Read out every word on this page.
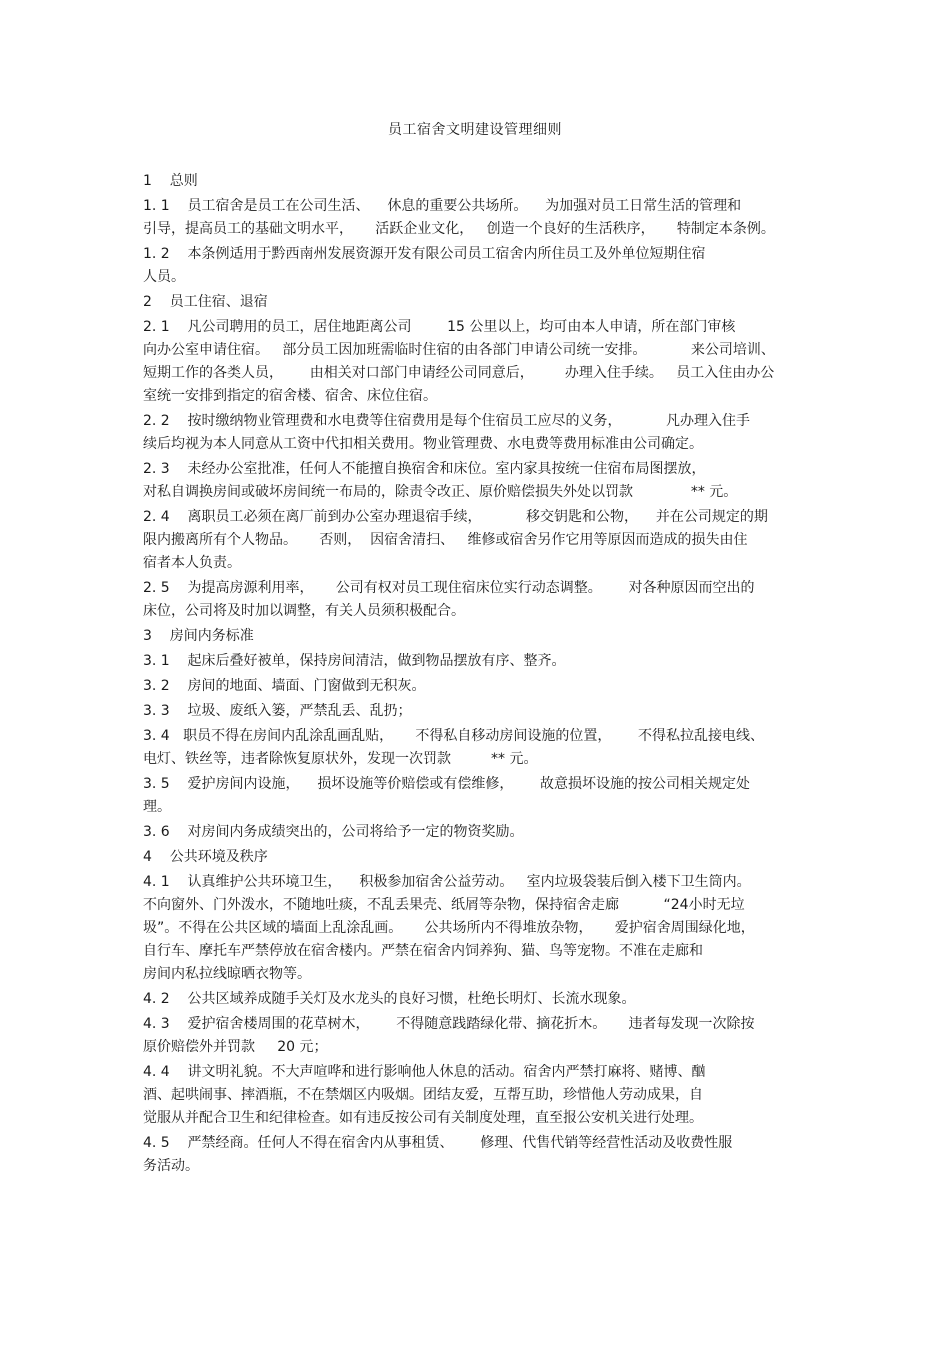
员工宿舍文明建设管理细则
1    总则
1. 1    员工宿舍是员工在公司生活、    休息的重要公共场所。    为加强对员工日常生活的管理和
引导，提高员工的基础文明水平，     活跃企业文化，   创造一个良好的生活秩序，     特制定本条例。
1. 2    本条例适用于黔西南州发展资源开发有限公司员工宿舍内所住员工及外单位短期住宿
人员。
2    员工住宿、退宿
2. 1    凡公司聘用的员工，居住地距离公司        15 公里以上，均可由本人申请，所在部门审核
向办公室申请住宿。   部分员工因加班需临时住宿的由各部门申请公司统一安排。          来公司培训、
短期工作的各类人员，      由相关对口部门申请经公司同意后，       办理入住手续。   员工入住由办公
室统一安排到指定的宿舍楼、宿舍、床位住宿。
2. 2    按时缴纳物业管理费和水电费等住宿费用是每个住宿员工应尽的义务，          凡办理入住手
续后均视为本人同意从工资中代扣相关费用。物业管理费、水电费等费用标准由公司确定。
2. 3    未经办公室批准，任何人不能擅自换宿舍和床位。室内家具按统一住宿布局图摆放，
对私自调换房间或破坏房间统一布局的，除责令改正、原价赔偿损失外处以罚款             ** 元。
2. 4    离职员工必须在离厂前到办公室办理退宿手续，          移交钥匙和公物，    并在公司规定的期
限内搬离所有个人物品。     否则，  因宿舍清扫、   维修或宿舍另作它用等原因而造成的损失由住
宿者本人负责。
2. 5    为提高房源利用率，     公司有权对员工现住宿床位实行动态调整。      对各种原因而空出的
床位，公司将及时加以调整，有关人员须积极配合。
3    房间内务标准
3. 1    起床后叠好被单，保持房间清洁，做到物品摆放有序、整齐。
3. 2    房间的地面、墙面、门窗做到无积灰。
3. 3    垃圾、废纸入篓，严禁乱丢、乱扔；
3. 4   职员不得在房间内乱涂乱画乱贴，     不得私自移动房间设施的位置，      不得私拉乱接电线、
电灯、铁丝等，违者除恢复原状外，发现一次罚款         ** 元。
3. 5    爱护房间内设施，    损坏设施等价赔偿或有偿维修，      故意损坏设施的按公司相关规定处
理。
3. 6    对房间内务成绩突出的，公司将给予一定的物资奖励。
4    公共环境及秩序
4. 1    认真维护公共环境卫生，    积极参加宿舍公益劳动。   室内垃圾袋装后倒入楼下卫生筒内。
不向窗外、门外泼水，不随地吐痰，不乱丢果壳、纸屑等杂物，保持宿舍走廊          “24小时无垃
圾”。不得在公共区域的墙面上乱涂乱画。     公共场所内不得堆放杂物，     爱护宿舍周围绿化地，
自行车、摩托车严禁停放在宿舍楼内。严禁在宿舍内饲养狗、猫、鸟等宠物。不准在走廊和
房间内私拉线晾晒衣物等。
4. 2    公共区域养成随手关灯及水龙头的良好习惯，杜绝长明灯、长流水现象。
4. 3    爱护宿舍楼周围的花草树木，      不得随意践踏绿化带、摘花折木。     违者每发现一次除按
原价赔偿外并罚款     20 元；
4. 4    讲文明礼貌。不大声喧哗和进行影响他人休息的活动。宿舍内严禁打麻将、赌博、酗
酒、起哄闹事、摔酒瓶，不在禁烟区内吸烟。团结友爱，互帮互助，珍惜他人劳动成果，自
觉服从并配合卫生和纪律检查。如有违反按公司有关制度处理，直至报公安机关进行处理。
4. 5    严禁经商。任何人不得在宿舍内从事租赁、      修理、代售代销等经营性活动及收费性服
务活动。
